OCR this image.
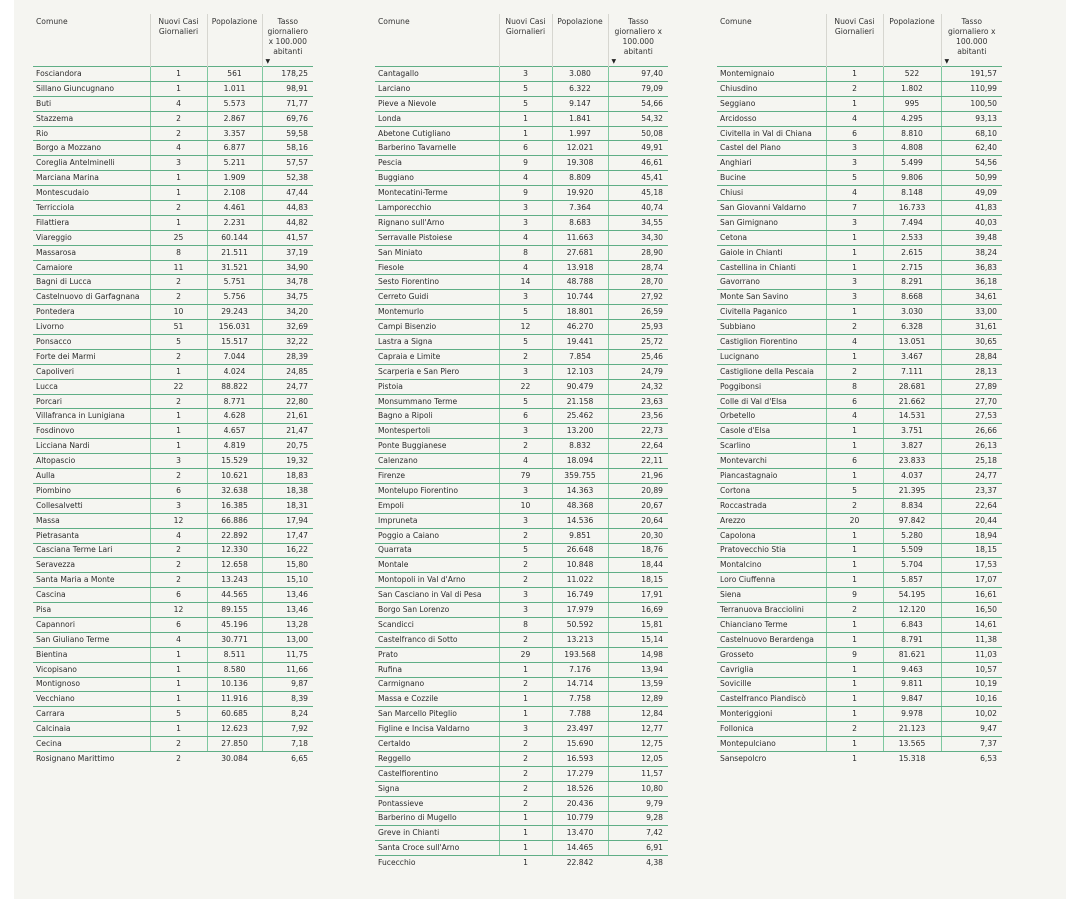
Comune	Nuovi Casi Giornalieri	Popolazione	Tasso giornaliero x 100.000 abitanti
▼

Fosciandora	1	561	178,25
Sillano Giuncugnano	1	1.011	98,91
Buti	4	5.573	71,77
Stazzema	2	2.867	69,76
Rio	2	3.357	59,58
Borgo a Mozzano	4	6.877	58,16
Coreglia Antelminelli	3	5.211	57,57
Marciana Marina	1	1.909	52,38
Montescudaio	1	2.108	47,44
Terricciola	2	4.461	44,83
Filattiera	1	2.231	44,82
Viareggio	25	60.144	41,57
Massarosa	8	21.511	37,19
Camaiore	11	31.521	34,90
Bagni di Lucca	2	5.751	34,78
Castelnuovo di Garfagnana	2	5.756	34,75
Pontedera	10	29.243	34,20
Livorno	51	156.031	32,69
Ponsacco	5	15.517	32,22
Forte dei Marmi	2	7.044	28,39
Capoliveri	1	4.024	24,85
Lucca	22	88.822	24,77
Porcari	2	8.771	22,80
Villafranca in Lunigiana	1	4.628	21,61
Fosdinovo	1	4.657	21,47
Licciana Nardi	1	4.819	20,75
Altopascio	3	15.529	19,32
Aulla	2	10.621	18,83
Piombino	6	32.638	18,38
Collesalvetti	3	16.385	18,31
Massa	12	66.886	17,94
Pietrasanta	4	22.892	17,47
Casciana Terme Lari	2	12.330	16,22
Seravezza	2	12.658	15,80
Santa Maria a Monte	2	13.243	15,10
Cascina	6	44.565	13,46
Pisa	12	89.155	13,46
Capannori	6	45.196	13,28
San Giuliano Terme	4	30.771	13,00
Bientina	1	8.511	11,75
Vicopisano	1	8.580	11,66
Montignoso	1	10.136	9,87
Vecchiano	1	11.916	8,39
Carrara	5	60.685	8,24
Calcinaia	1	12.623	7,92
Cecina	2	27.850	7,18
Rosignano Marittimo	2	30.084	6,65
Comune	Nuovi Casi Giornalieri	Popolazione	Tasso giornaliero x 100.000 abitanti
▼

Cantagallo	3	3.080	97,40
Larciano	5	6.322	79,09
Pieve a Nievole	5	9.147	54,66
Londa	1	1.841	54,32
Abetone Cutigliano	1	1.997	50,08
Barberino Tavarnelle	6	12.021	49,91
Pescia	9	19.308	46,61
Buggiano	4	8.809	45,41
Montecatini-Terme	9	19.920	45,18
Lamporecchio	3	7.364	40,74
Rignano sull'Arno	3	8.683	34,55
Serravalle Pistoiese	4	11.663	34,30
San Miniato	8	27.681	28,90
Fiesole	4	13.918	28,74
Sesto Fiorentino	14	48.788	28,70
Cerreto Guidi	3	10.744	27,92
Montemurlo	5	18.801	26,59
Campi Bisenzio	12	46.270	25,93
Lastra a Signa	5	19.441	25,72
Capraia e Limite	2	7.854	25,46
Scarperia e San Piero	3	12.103	24,79
Pistoia	22	90.479	24,32
Monsummano Terme	5	21.158	23,63
Bagno a Ripoli	6	25.462	23,56
Montespertoli	3	13.200	22,73
Ponte Buggianese	2	8.832	22,64
Calenzano	4	18.094	22,11
Firenze	79	359.755	21,96
Montelupo Fiorentino	3	14.363	20,89
Empoli	10	48.368	20,67
Impruneta	3	14.536	20,64
Poggio a Caiano	2	9.851	20,30
Quarrata	5	26.648	18,76
Montale	2	10.848	18,44
Montopoli in Val d'Arno	2	11.022	18,15
San Casciano in Val di Pesa	3	16.749	17,91
Borgo San Lorenzo	3	17.979	16,69
Scandicci	8	50.592	15,81
Castelfranco di Sotto	2	13.213	15,14
Prato	29	193.568	14,98
Rufina	1	7.176	13,94
Carmignano	2	14.714	13,59
Massa e Cozzile	1	7.758	12,89
San Marcello Piteglio	1	7.788	12,84
Figline e Incisa Valdarno	3	23.497	12,77
Certaldo	2	15.690	12,75
Reggello	2	16.593	12,05
Castelfiorentino	2	17.279	11,57
Signa	2	18.526	10,80
Pontassieve	2	20.436	9,79
Barberino di Mugello	1	10.779	9,28
Greve in Chianti	1	13.470	7,42
Santa Croce sull'Arno	1	14.465	6,91
Fucecchio	1	22.842	4,38
Comune	Nuovi Casi Giornalieri	Popolazione	Tasso giornaliero x 100.000 abitanti
▼

Montemignaio	1	522	191,57
Chiusdino	2	1.802	110,99
Seggiano	1	995	100,50
Arcidosso	4	4.295	93,13
Civitella in Val di Chiana	6	8.810	68,10
Castel del Piano	3	4.808	62,40
Anghiari	3	5.499	54,56
Bucine	5	9.806	50,99
Chiusi	4	8.148	49,09
San Giovanni Valdarno	7	16.733	41,83
San Gimignano	3	7.494	40,03
Cetona	1	2.533	39,48
Gaiole in Chianti	1	2.615	38,24
Castellina in Chianti	1	2.715	36,83
Gavorrano	3	8.291	36,18
Monte San Savino	3	8.668	34,61
Civitella Paganico	1	3.030	33,00
Subbiano	2	6.328	31,61
Castiglion Fiorentino	4	13.051	30,65
Lucignano	1	3.467	28,84
Castiglione della Pescaia	2	7.111	28,13
Poggibonsi	8	28.681	27,89
Colle di Val d'Elsa	6	21.662	27,70
Orbetello	4	14.531	27,53
Casole d'Elsa	1	3.751	26,66
Scarlino	1	3.827	26,13
Montevarchi	6	23.833	25,18
Piancastagnaio	1	4.037	24,77
Cortona	5	21.395	23,37
Roccastrada	2	8.834	22,64
Arezzo	20	97.842	20,44
Capolona	1	5.280	18,94
Pratovecchio Stia	1	5.509	18,15
Montalcino	1	5.704	17,53
Loro Ciuffenna	1	5.857	17,07
Siena	9	54.195	16,61
Terranuova Bracciolini	2	12.120	16,50
Chianciano Terme	1	6.843	14,61
Castelnuovo Berardenga	1	8.791	11,38
Grosseto	9	81.621	11,03
Cavriglia	1	9.463	10,57
Sovicille	1	9.811	10,19
Castelfranco Piandiscò	1	9.847	10,16
Monteriggioni	1	9.978	10,02
Follonica	2	21.123	9,47
Montepulciano	1	13.565	7,37
Sansepolcro	1	15.318	6,53
